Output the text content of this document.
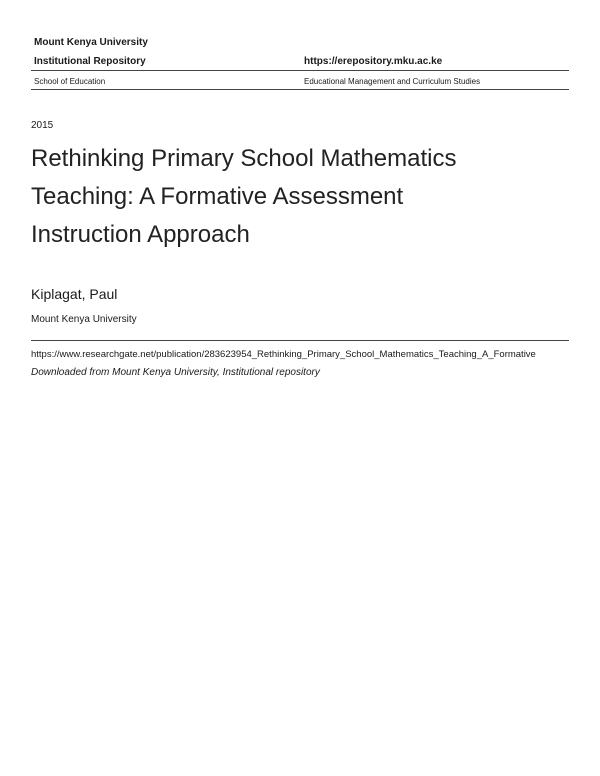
Mount Kenya University
Institutional Repository	https://erepository.mku.ac.ke
School of Education	Educational Management and Curriculum Studies
2015
Rethinking Primary School Mathematics
Teaching: A Formative Assessment
Instruction Approach
Kiplagat, Paul
Mount Kenya University
https://www.researchgate.net/publication/283623954_Rethinking_Primary_School_Mathematics_Teaching_A_Formative
Downloaded from Mount Kenya University, Institutional repository
